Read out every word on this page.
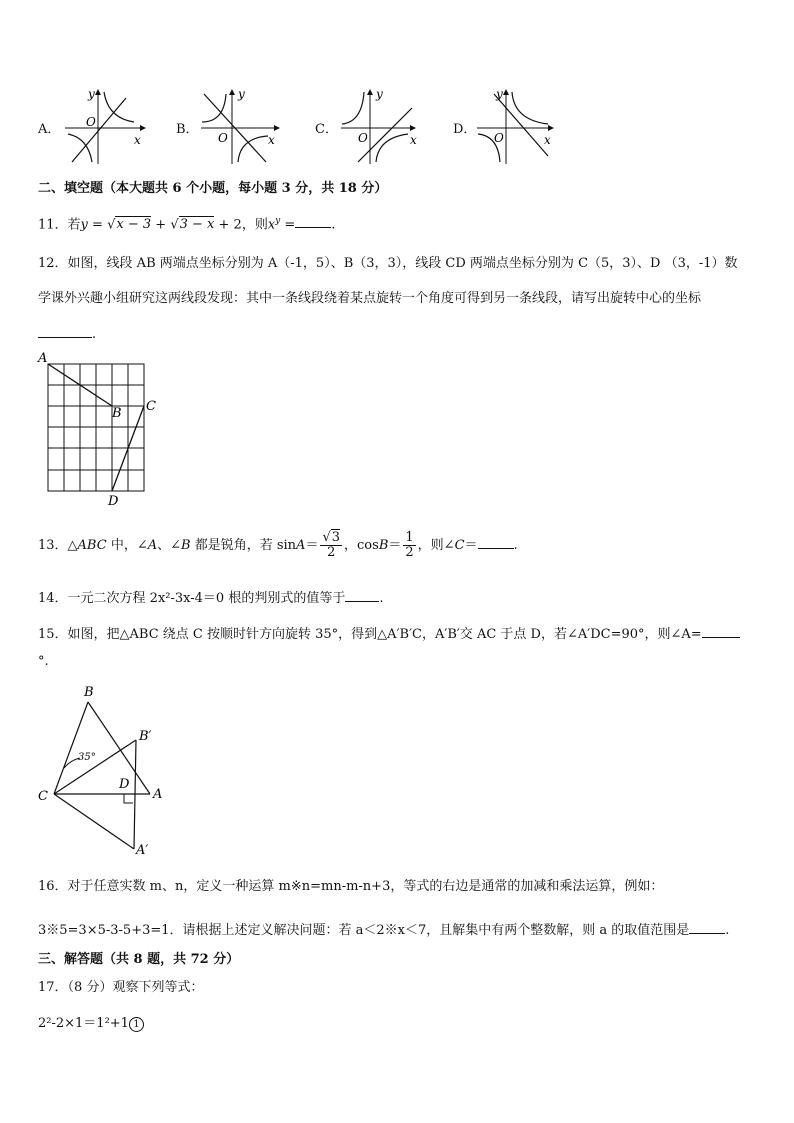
A．
y
O
x
B．
y
O	x
C．
y
O	x
D．
y
O	x
二、填空题（本大题共 6 个小题，每小题 3 分，共 18 分）
11．若y = √x − 3 + √3 − x + 2，则$x^y$ =	.
12．如图，线段 AB 两端点坐标分别为 A（-1，5）、B（3，3），线段 CD 两端点坐标分别为 C（5，3）、D （3，-1）数
学课外兴趣小组研究这两线段发现：其中一条线段绕着某点旋转一个角度可得到另一条线段，请写出旋转中心的坐标
.
A
B C
D
13．△ABC 中，∠A、∠B 都是锐角，若 $\sin A= \frac{√3}{2}$ ，$\cos B= \frac{1}{2}$ ，则∠C＝	.
14．一元二次方程 2x²-3x-4＝0 根的判别式的值等于	.
15．如图，把△ABC 绕点 C 按顺时针方向旋转 35°，得到△A′B′C，A′B′交 AC 于点 D，若∠A′DC=90°，则∠A=
°.
B
B′
35°
D
C	A
A′
16．对于任意实数 m、n，定义一种运算 m※n=mn-m-n+3，等式的右边是通常的加减和乘法运算，例如：
3※5=3×5-3-5+3=1．请根据上述定义解决问题：若 a＜2※x＜7，且解集中有两个整数解，则 a 的取值范围是	.
三、解答题（共 8 题，共 72 分）
17．（8 分）观察下列等式：
2²-2×1＝1²+1 1
